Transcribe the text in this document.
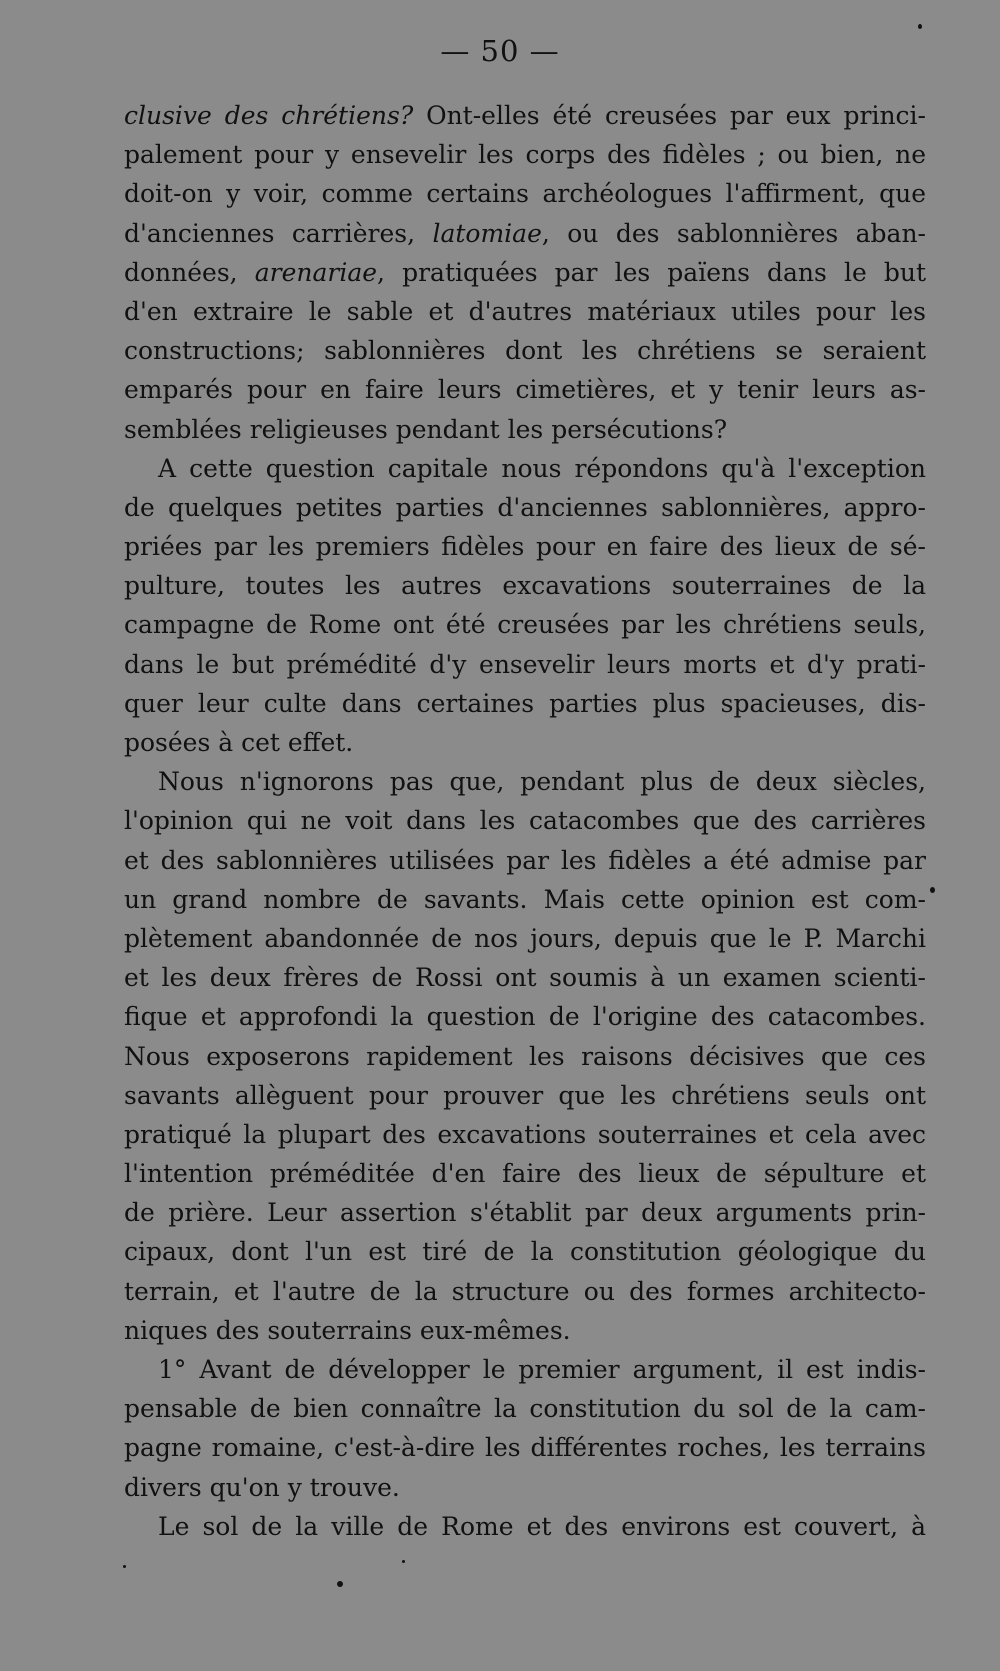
— 50 —
clusive des chrétiens? Ont-elles été creusées par eux princi-
palement pour y ensevelir les corps des fidèles ; ou bien, ne
doit-on y voir, comme certains archéologues l'affirment, que
d'anciennes carrières, latomiae, ou des sablonnières aban-
données, arenariae, pratiquées par les païens dans le but
d'en extraire le sable et d'autres matériaux utiles pour les
constructions; sablonnières dont les chrétiens se seraient
emparés pour en faire leurs cimetières, et y tenir leurs as-
semblées religieuses pendant les persécutions?
A cette question capitale nous répondons qu'à l'exception
de quelques petites parties d'anciennes sablonnières, appro-
priées par les premiers fidèles pour en faire des lieux de sé-
pulture, toutes les autres excavations souterraines de la
campagne de Rome ont été creusées par les chrétiens seuls,
dans le but prémédité d'y ensevelir leurs morts et d'y prati-
quer leur culte dans certaines parties plus spacieuses, dis-
posées à cet effet.
Nous n'ignorons pas que, pendant plus de deux siècles,
l'opinion qui ne voit dans les catacombes que des carrières
et des sablonnières utilisées par les fidèles a été admise par
un grand nombre de savants. Mais cette opinion est com-
plètement abandonnée de nos jours, depuis que le P. Marchi
et les deux frères de Rossi ont soumis à un examen scienti-
fique et approfondi la question de l'origine des catacombes.
Nous exposerons rapidement les raisons décisives que ces
savants allèguent pour prouver que les chrétiens seuls ont
pratiqué la plupart des excavations souterraines et cela avec
l'intention préméditée d'en faire des lieux de sépulture et
de prière. Leur assertion s'établit par deux arguments prin-
cipaux, dont l'un est tiré de la constitution géologique du
terrain, et l'autre de la structure ou des formes architecto-
niques des souterrains eux-mêmes.
1° Avant de développer le premier argument, il est indis-
pensable de bien connaître la constitution du sol de la cam-
pagne romaine, c'est-à-dire les différentes roches, les terrains
divers qu'on y trouve.
Le sol de la ville de Rome et des environs est couvert, à
